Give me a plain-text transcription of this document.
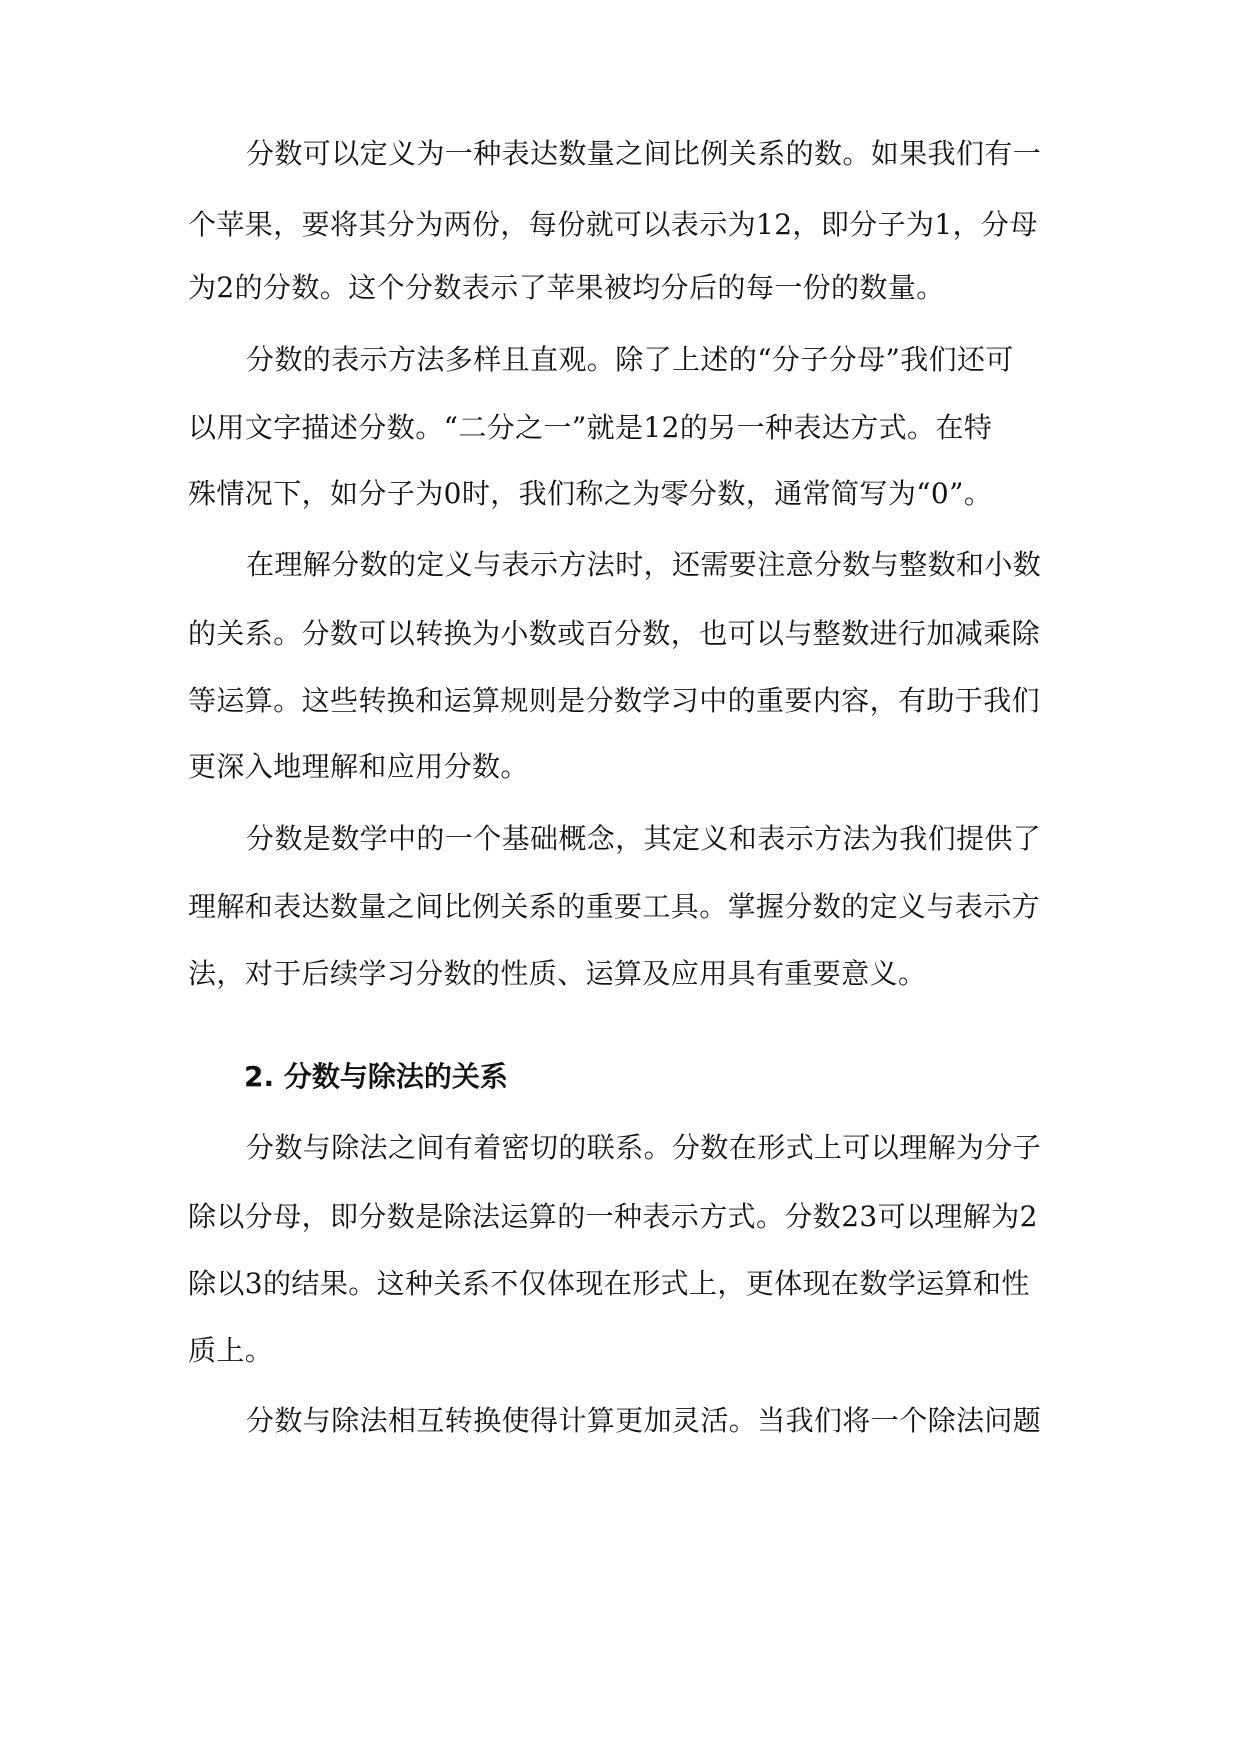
分数可以定义为一种表达数量之间比例关系的数。如果我们有一
个苹果，要将其分为两份，每份就可以表示为12，即分子为1，分母
为2的分数。这个分数表示了苹果被均分后的每一份的数量。
分数的表示方法多样且直观。除了上述的“分子分母”我们还可
以用文字描述分数。“二分之一”就是12的另一种表达方式。在特
殊情况下，如分子为0时，我们称之为零分数，通常简写为“0”。
在理解分数的定义与表示方法时，还需要注意分数与整数和小数
的关系。分数可以转换为小数或百分数，也可以与整数进行加减乘除
等运算。这些转换和运算规则是分数学习中的重要内容，有助于我们
更深入地理解和应用分数。
分数是数学中的一个基础概念，其定义和表示方法为我们提供了
理解和表达数量之间比例关系的重要工具。掌握分数的定义与表示方
法，对于后续学习分数的性质、运算及应用具有重要意义。
2. 分数与除法的关系
分数与除法之间有着密切的联系。分数在形式上可以理解为分子
除以分母，即分数是除法运算的一种表示方式。分数23可以理解为2
除以3的结果。这种关系不仅体现在形式上，更体现在数学运算和性
质上。
分数与除法相互转换使得计算更加灵活。当我们将一个除法问题
